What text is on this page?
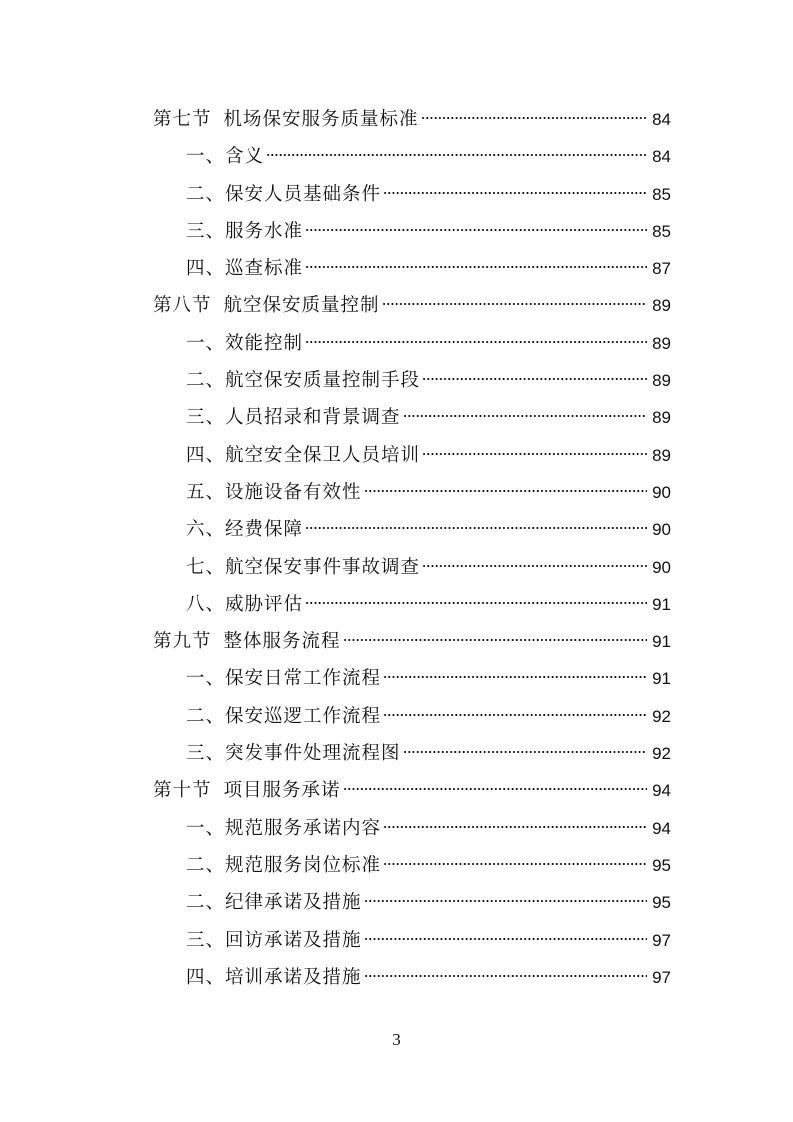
第七节 机场保安服务质量标准	84
一、 含义	84
二、 保安人员基础条件	85
三、 服务水准	85
四、 巡查标准	87
第八节 航空保安质量控制	89
一、 效能控制	89
二、 航空保安质量控制手段	89
三、 人员招录和背景调查	89
四、 航空安全保卫人员培训	89
五、 设施设备有效性	90
六、 经费保障	90
七、 航空保安事件事故调查	90
八、 威胁评估	91
第九节 整体服务流程	91
一、 保安日常工作流程	91
二、 保安巡逻工作流程	92
三、 突发事件处理流程图	92
第十节 项目服务承诺	94
一、 规范服务承诺内容	94
二、 规范服务岗位标准	95
二、 纪律承诺及措施	95
三、 回访承诺及措施	97
四、 培训承诺及措施	97
3
